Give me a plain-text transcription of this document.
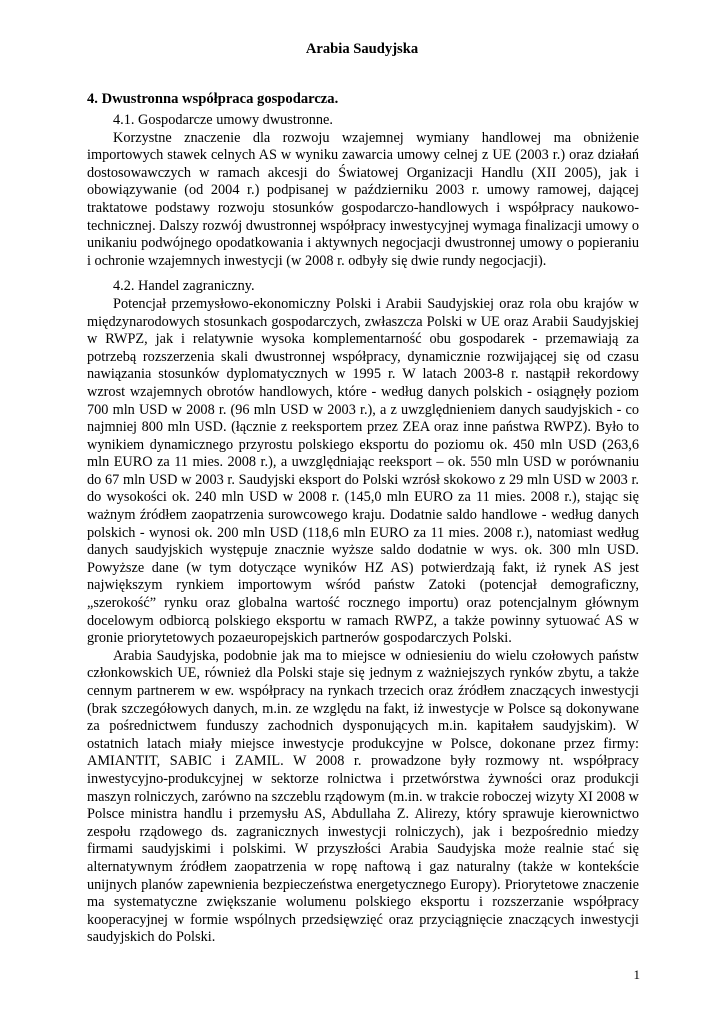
Arabia Saudyjska
4. Dwustronna współpraca gospodarcza.

4.1. Gospodarcze umowy dwustronne.

Korzystne znaczenie dla rozwoju wzajemnej wymiany handlowej ma obniżenie importowych stawek celnych AS w wyniku zawarcia umowy celnej z UE (2003 r.) oraz działań dostosowawczych w ramach akcesji do Światowej Organizacji Handlu (XII 2005), jak i obowiązywanie (od 2004 r.) podpisanej w październiku 2003 r. umowy ramowej, dającej traktatowe podstawy rozwoju stosunków gospodarczo-handlowych i współpracy naukowo-technicznej. Dalszy rozwój dwustronnej współpracy inwestycyjnej wymaga finalizacji umowy o unikaniu podwójnego opodatkowania i aktywnych negocjacji dwustronnej umowy o popieraniu i ochronie wzajemnych inwestycji (w 2008 r. odbyły się dwie rundy negocjacji).

4.2. Handel zagraniczny.

Potencjał przemysłowo-ekonomiczny Polski i Arabii Saudyjskiej oraz rola obu krajów w międzynarodowych stosunkach gospodarczych, zwłaszcza Polski w UE oraz Arabii Saudyjskiej w RWPZ, jak i relatywnie wysoka komplementarność obu gospodarek - przemawiają za potrzebą rozszerzenia skali dwustronnej współpracy, dynamicznie rozwijającej się od czasu nawiązania stosunków dyplomatycznych w 1995 r. W latach 2003-8 r. nastąpił rekordowy wzrost wzajemnych obrotów handlowych, które - według danych polskich - osiągnęły poziom 700 mln USD w 2008 r. (96 mln USD w 2003 r.), a z uwzględnieniem danych saudyjskich - co najmniej 800 mln USD. (łącznie z reeksportem przez ZEA oraz inne państwa RWPZ). Było to wynikiem dynamicznego przyrostu polskiego eksportu do poziomu ok. 450 mln USD (263,6 mln EURO za 11 mies. 2008 r.), a uwzględniając reeksport – ok. 550 mln USD w porównaniu do 67 mln USD w 2003 r. Saudyjski eksport do Polski wzrósł skokowo z 29 mln USD w 2003 r. do wysokości ok. 240 mln USD w 2008 r. (145,0 mln EURO za 11 mies. 2008 r.), stając się ważnym źródłem zaopatrzenia surowcowego kraju. Dodatnie saldo handlowe - według danych polskich - wynosi ok. 200 mln USD (118,6 mln EURO za 11 mies. 2008 r.), natomiast według danych saudyjskich występuje znacznie wyższe saldo dodatnie w wys. ok. 300 mln USD. Powyższe dane (w tym dotyczące wyników HZ AS) potwierdzają fakt, iż rynek AS jest największym rynkiem importowym wśród państw Zatoki (potencjał demograficzny, „szerokość” rynku oraz globalna wartość rocznego importu) oraz potencjalnym głównym docelowym odbiorcą polskiego eksportu w ramach RWPZ, a także powinny sytuować AS w gronie priorytetowych pozaeuropejskich partnerów gospodarczych Polski.

Arabia Saudyjska, podobnie jak ma to miejsce w odniesieniu do wielu czołowych państw członkowskich UE, również dla Polski staje się jednym z ważniejszych rynków zbytu, a także cennym partnerem w ew. współpracy na rynkach trzecich oraz źródłem znaczących inwestycji (brak szczegółowych danych, m.in. ze względu na fakt, iż inwestycje w Polsce są dokonywane za pośrednictwem funduszy zachodnich dysponujących m.in. kapitałem saudyjskim). W ostatnich latach miały miejsce inwestycje produkcyjne w Polsce, dokonane przez firmy: AMIANTIT, SABIC i ZAMIL. W 2008 r. prowadzone były rozmowy nt. współpracy inwestycyjno-produkcyjnej w sektorze rolnictwa i przetwórstwa żywności oraz produkcji maszyn rolniczych, zarówno na szczeblu rządowym (m.in. w trakcie roboczej wizyty XI 2008 w Polsce ministra handlu i przemysłu AS, Abdullaha Z. Alirezy, który sprawuje kierownictwo zespołu rządowego ds. zagranicznych inwestycji rolniczych), jak i bezpośrednio miedzy firmami saudyjskimi i polskimi. W przyszłości Arabia Saudyjska może realnie stać się alternatywnym źródłem zaopatrzenia w ropę naftową i gaz naturalny (także w kontekście unijnych planów zapewnienia bezpieczeństwa energetycznego Europy). Priorytetowe znaczenie ma systematyczne zwiększanie wolumenu polskiego eksportu i rozszerzanie współpracy kooperacyjnej w formie wspólnych przedsięwzięć oraz przyciągnięcie znaczących inwestycji saudyjskich do Polski.

1
